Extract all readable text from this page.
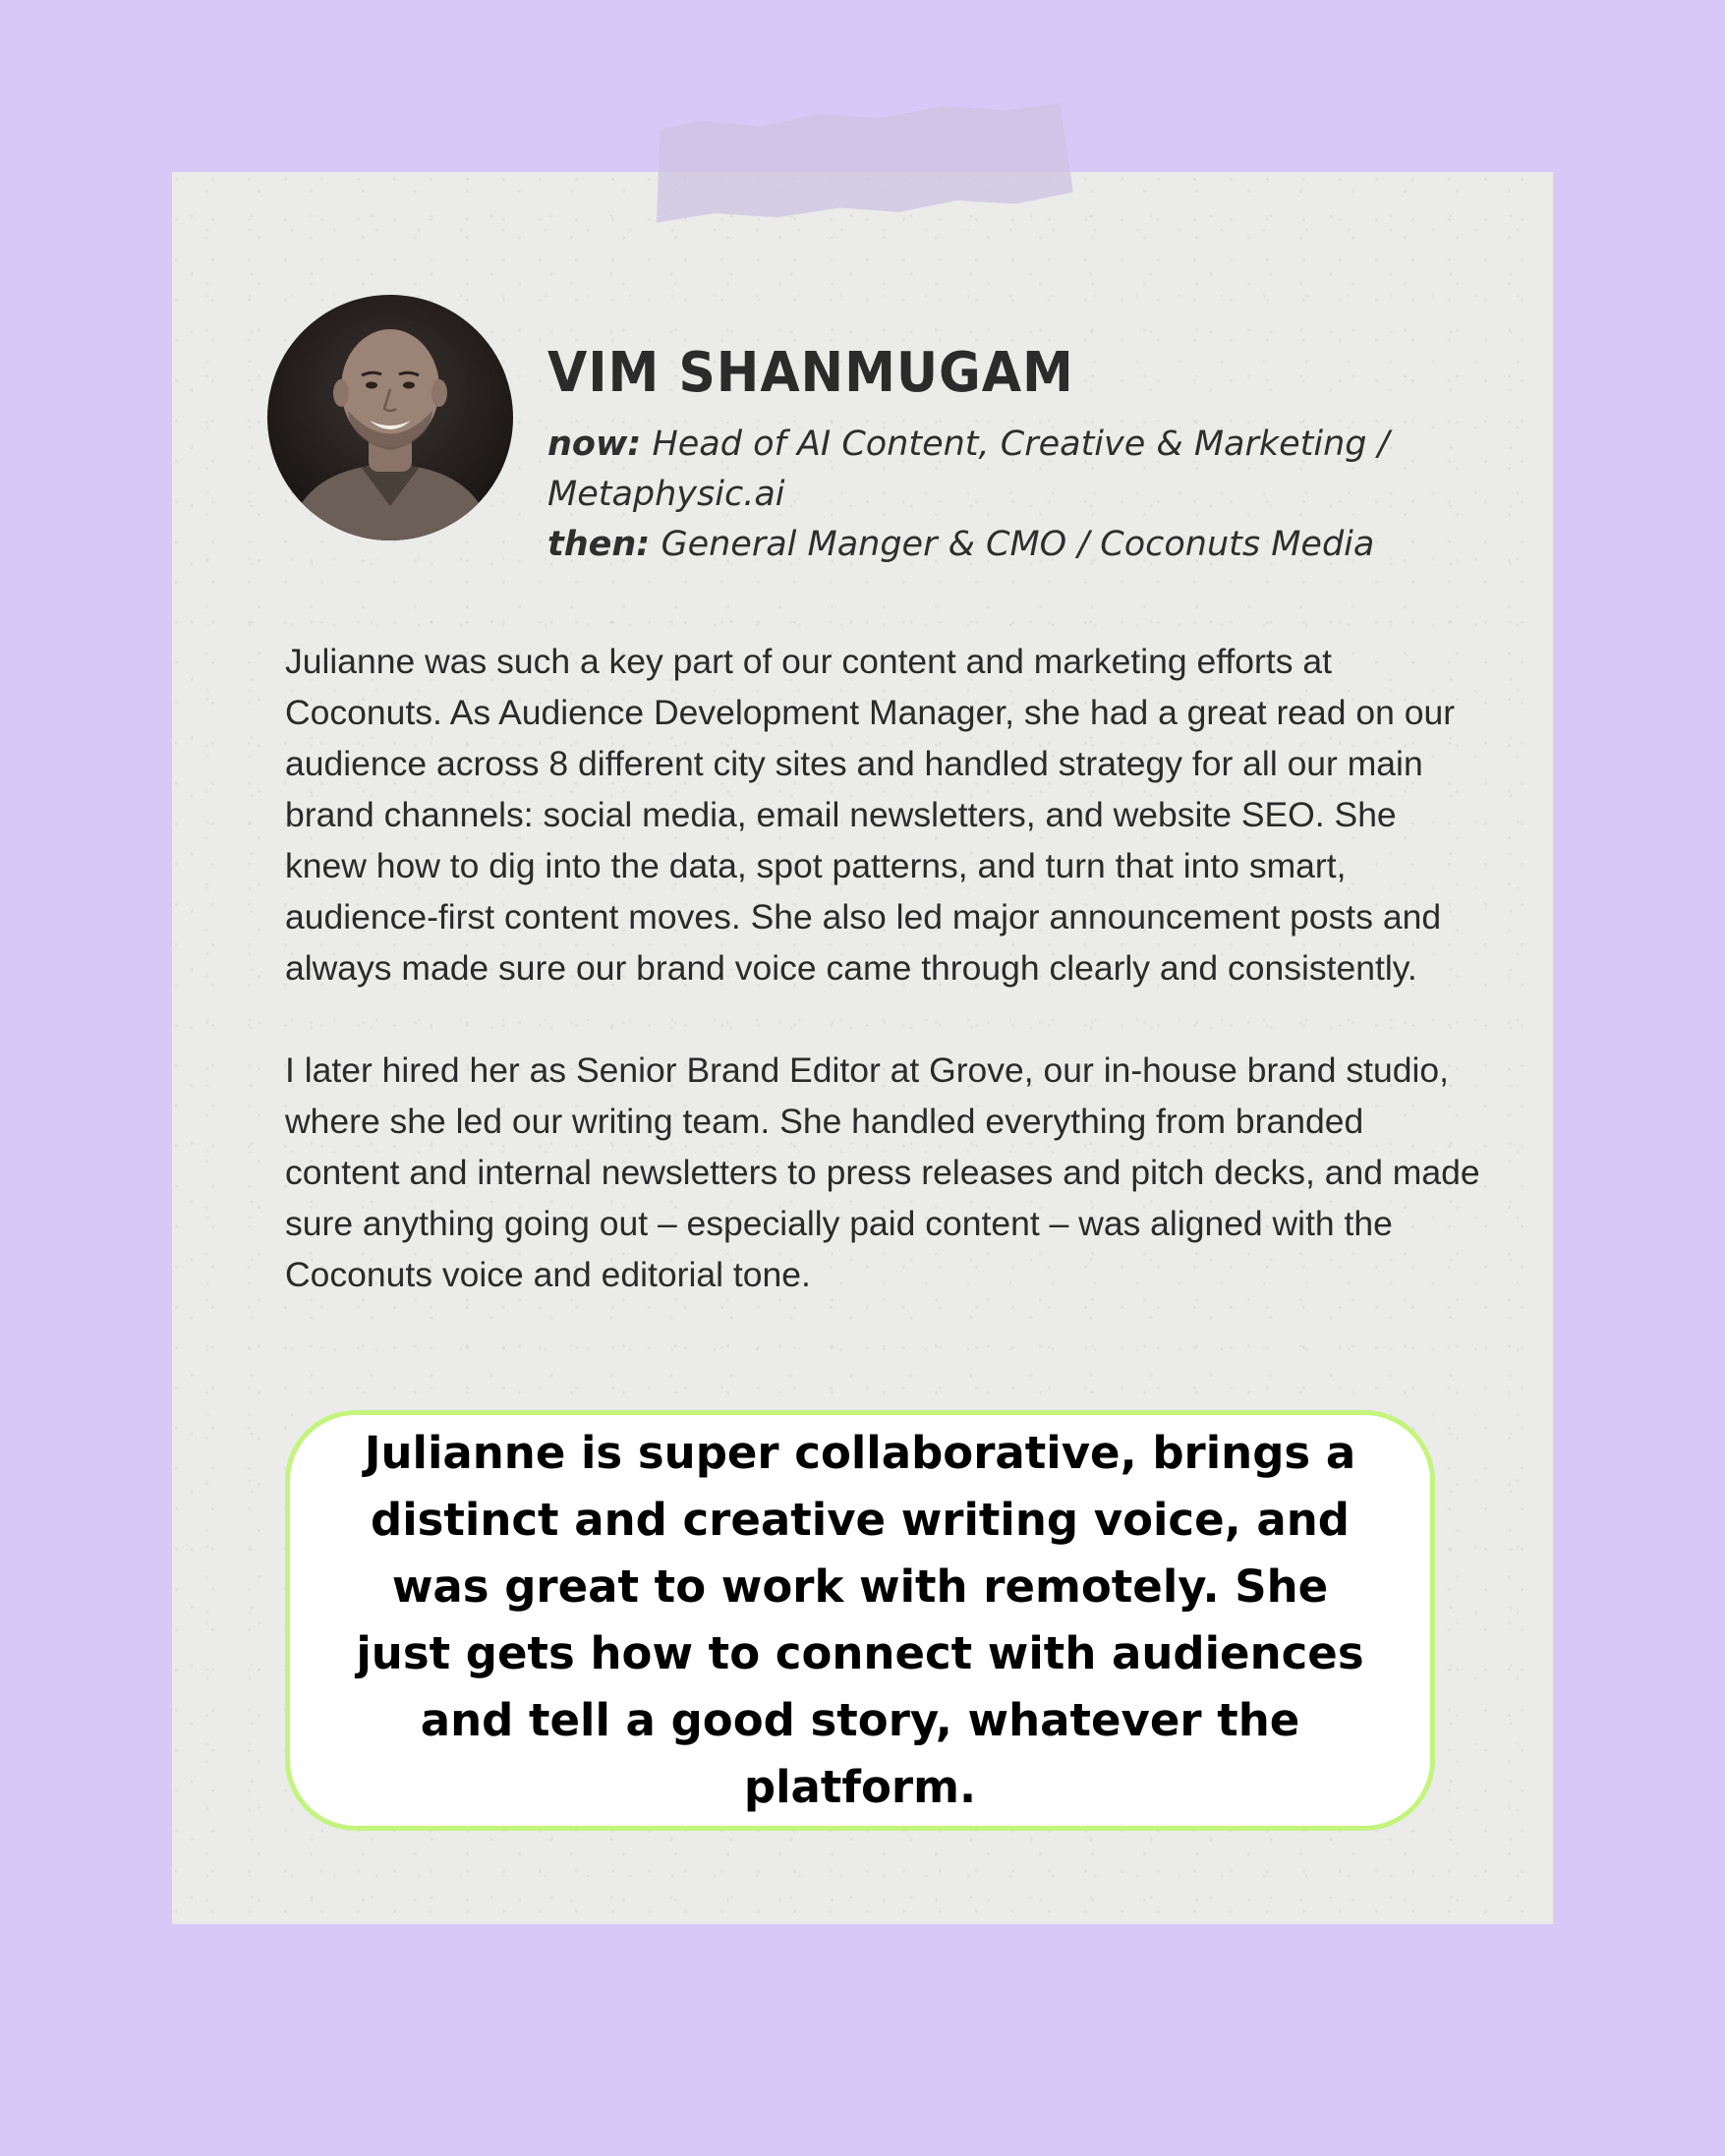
VIM SHANMUGAM
now: Head of AI Content, Creative & Marketing / Metaphysic.ai
then: General Manger & CMO / Coconuts Media

Julianne was such a key part of our content and marketing efforts at Coconuts. As Audience Development Manager, she had a great read on our audience across 8 different city sites and handled strategy for all our main brand channels: social media, email newsletters, and website SEO. She knew how to dig into the data, spot patterns, and turn that into smart, audience-first content moves. She also led major announcement posts and always made sure our brand voice came through clearly and consistently.

I later hired her as Senior Brand Editor at Grove, our in-house brand studio, where she led our writing team. She handled everything from branded content and internal newsletters to press releases and pitch decks, and made sure anything going out – especially paid content – was aligned with the Coconuts voice and editorial tone.

Julianne is super collaborative, brings a distinct and creative writing voice, and was great to work with remotely. She just gets how to connect with audiences and tell a good story, whatever the platform.
